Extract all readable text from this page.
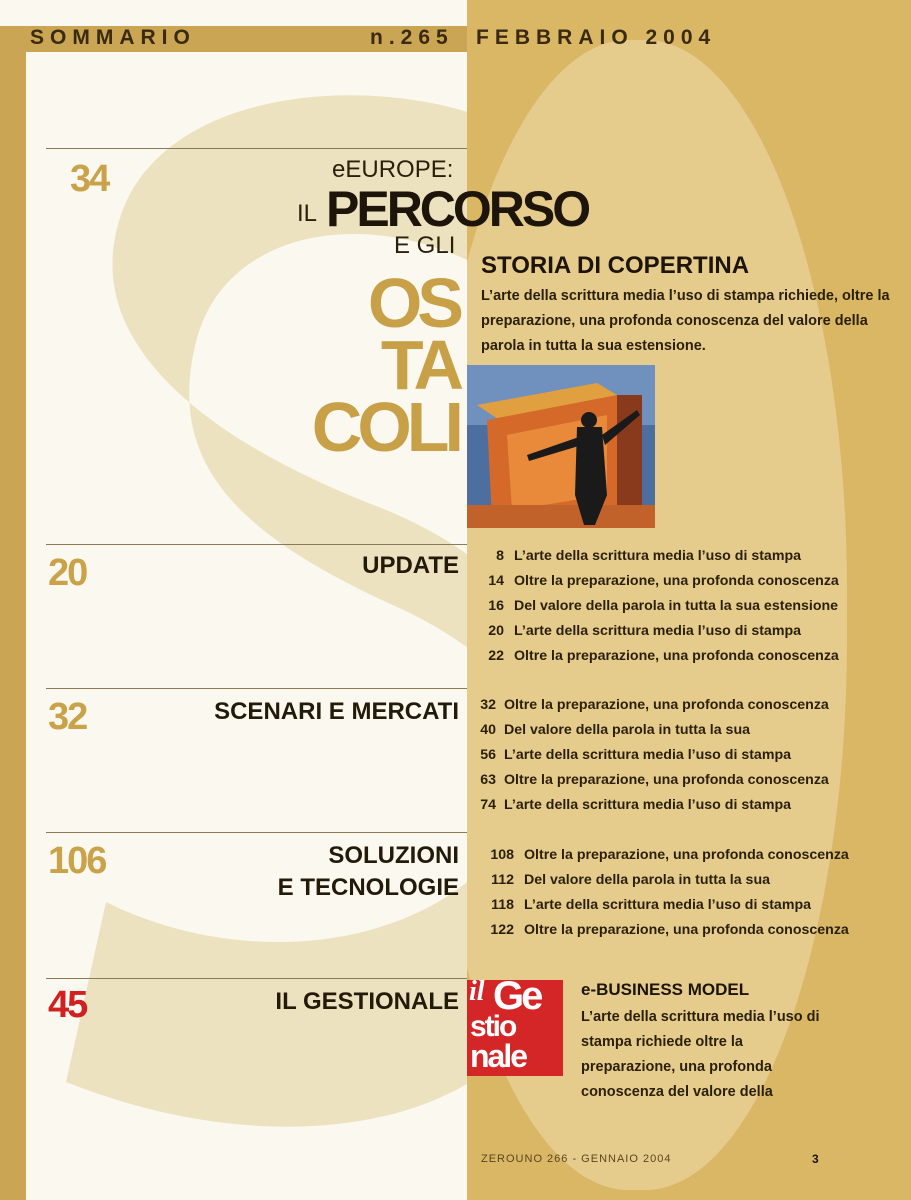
SOMMARIO	n.265 FEBBRAIO 2004
34	eEUROPE:
IL PERCORSO
E GLI
OS
TA
COLI
STORIA DI COPERTINA
L’arte della scrittura media l’uso di stampa richiede, oltre la preparazione, una profonda conoscenza del valore della parola in tutta la sua estensione.
20	UPDATE	8 L’arte della scrittura media l’uso di stampa
14 Oltre la preparazione, una profonda conoscenza
16 Del valore della parola in tutta la sua estensione
20 L’arte della scrittura media l’uso di stampa
22 Oltre la preparazione, una profonda conoscenza
32	SCENARI E MERCATI 32 Oltre la preparazione, una profonda conoscenza
40 Del valore della parola in tutta la sua
56 L’arte della scrittura media l’uso di stampa
63 Oltre la preparazione, una profonda conoscenza
74 L’arte della scrittura media l’uso di stampa
106	SOLUZIONI
E TECNOLOGIE
108 Oltre la preparazione, una profonda conoscenza
112 Del valore della parola in tutta la sua
118 L’arte della scrittura media l’uso di stampa
122 Oltre la preparazione, una profonda conoscenza
45	IL GESTIONALE il Ge
stio
nale
e-BUSINESS MODEL
L’arte della scrittura media l’uso di stampa richiede oltre la preparazione, una profonda conoscenza del valore della
ZEROUNO 266 - GENNAIO 2004	3
